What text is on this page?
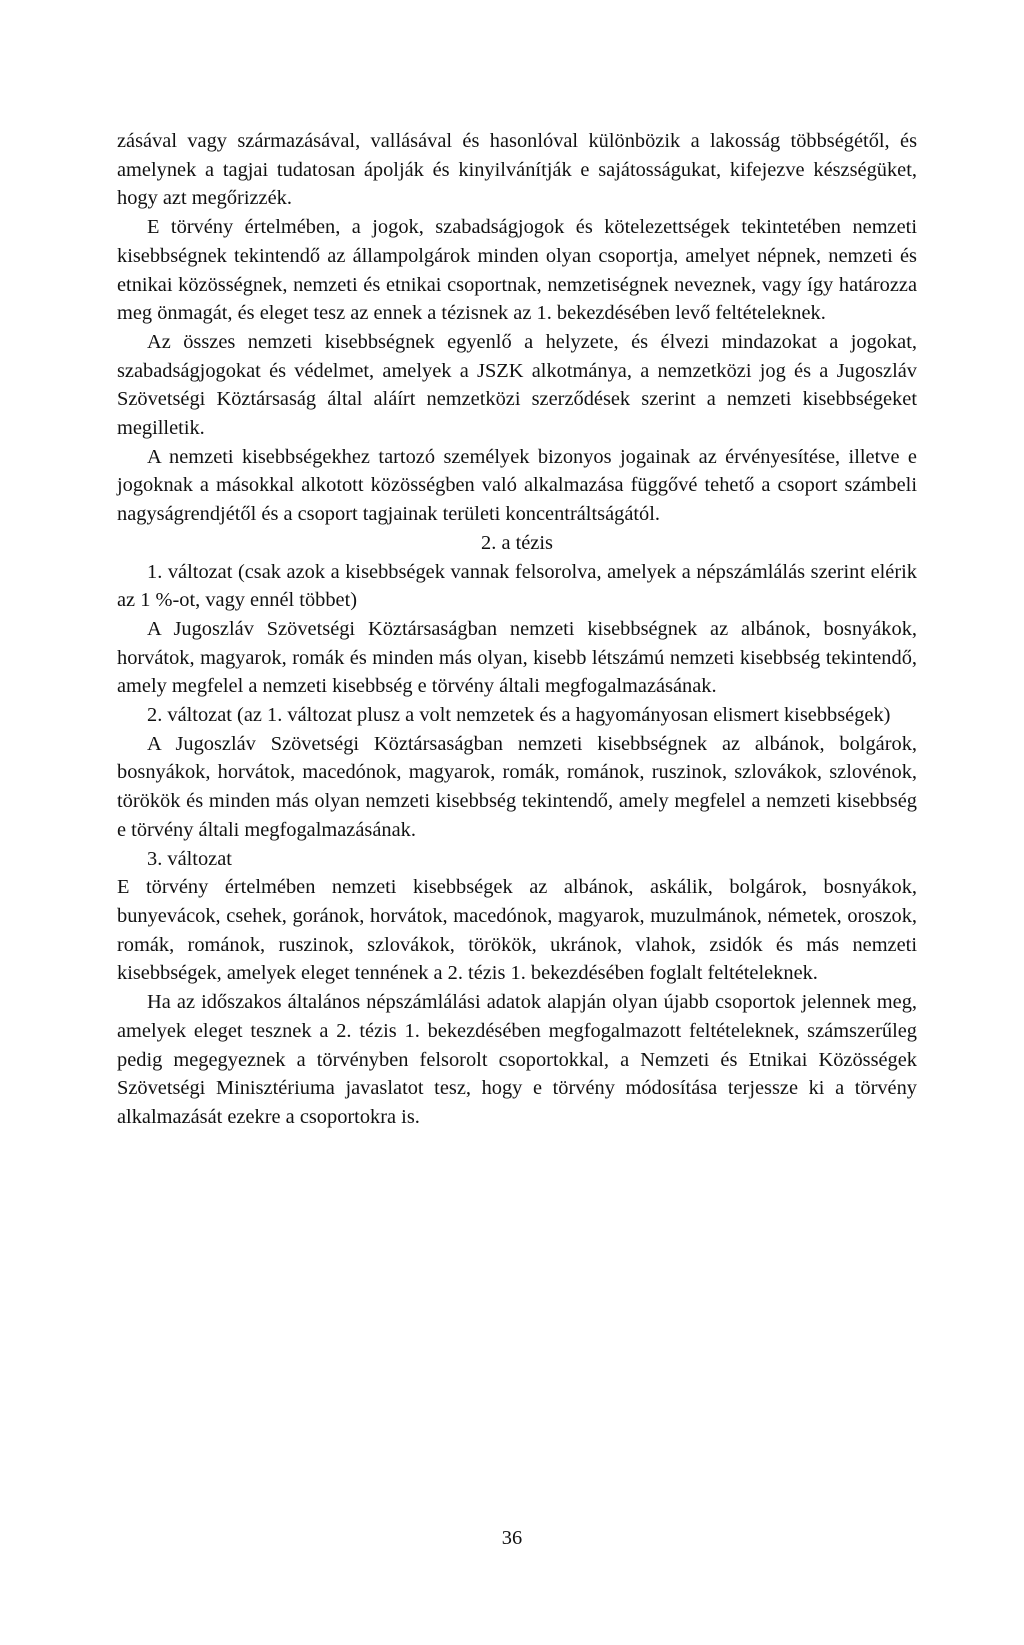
zásával vagy származásával, vallásával és hasonlóval különbözik a lakosság többségétől, és amelynek a tagjai tudatosan ápolják és kinyilvánítják e sajátosságukat, kifejezve készségüket, hogy azt megőrizzék.

E törvény értelmében, a jogok, szabadságjogok és kötelezettségek tekintetében nemzeti kisebbségnek tekintendő az állampolgárok minden olyan csoportja, amelyet népnek, nemzeti és etnikai közösségnek, nemzeti és etnikai csoportnak, nemzetiségnek neveznek, vagy így határozza meg önmagát, és eleget tesz az ennek a tézisnek az 1. bekezdésében levő feltételeknek.

Az összes nemzeti kisebbségnek egyenlő a helyzete, és élvezi mindazokat a jogokat, szabadságjogokat és védelmet, amelyek a JSZK alkotmánya, a nemzetközi jog és a Jugoszláv Szövetségi Köztársaság által aláírt nemzetközi szerződések szerint a nemzeti kisebbségeket megilletik.

A nemzeti kisebbségekhez tartozó személyek bizonyos jogainak az érvényesítése, illetve e jogoknak a másokkal alkotott közösségben való alkalmazása függővé tehető a csoport számbeli nagyságrendjétől és a csoport tagjainak területi koncentráltságától.

2. a tézis

1. változat (csak azok a kisebbségek vannak felsorolva, amelyek a népszámlálás szerint elérik az 1 %-ot, vagy ennél többet)

A Jugoszláv Szövetségi Köztársaságban nemzeti kisebbségnek az albánok, bosnyákok, horvátok, magyarok, romák és minden más olyan, kisebb létszámú nemzeti kisebbség tekintendő, amely megfelel a nemzeti kisebbség e törvény általi megfogalmazásának.

2. változat (az 1. változat plusz a volt nemzetek és a hagyományosan elismert kisebbségek)

A Jugoszláv Szövetségi Köztársaságban nemzeti kisebbségnek az albánok, bolgárok, bosnyákok, horvátok, macedónok, magyarok, romák, románok, ruszinok, szlovákok, szlovénok, törökök és minden más olyan nemzeti kisebbség tekintendő, amely megfelel a nemzeti kisebbség e törvény általi megfogalmazásának.

3. változat

E törvény értelmében nemzeti kisebbségek az albánok, askálik, bolgárok, bosnyákok, bunyevácok, csehek, goránok, horvátok, macedónok, magyarok, muzulmánok, németek, oroszok, romák, románok, ruszinok, szlovákok, törökök, ukránok, vlahok, zsidók és más nemzeti kisebbségek, amelyek eleget tennének a 2. tézis 1. bekezdésében foglalt feltételeknek.

Ha az időszakos általános népszámlálási adatok alapján olyan újabb csoportok jelennek meg, amelyek eleget tesznek a 2. tézis 1. bekezdésében megfogalmazott feltételeknek, számszerűleg pedig megegyeznek a törvényben felsorolt csoportokkal, a Nemzeti és Etnikai Közösségek Szövetségi Minisztériuma javaslatot tesz, hogy e törvény módosítása terjessze ki a törvény alkalmazását ezekre a csoportokra is.

36
